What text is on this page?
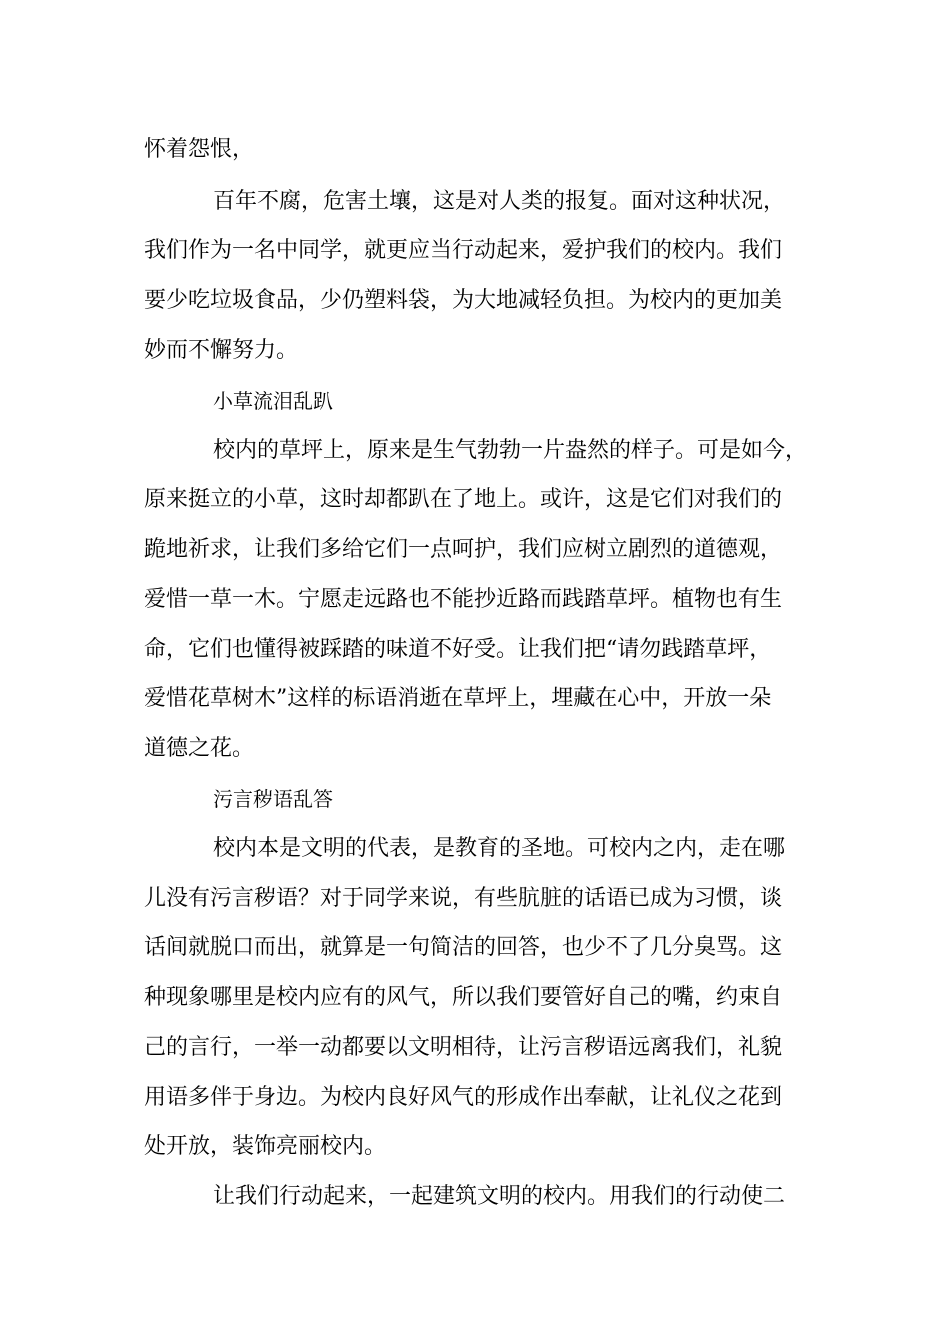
怀着怨恨，

百年不腐，危害土壤，这是对人类的报复。面对这种状况，

我们作为一名中同学，就更应当行动起来，爱护我们的校内。我们

要少吃垃圾食品，少仍塑料袋，为大地减轻负担。为校内的更加美

妙而不懈努力。

小草流泪乱趴

校内的草坪上，原来是生气勃勃一片盎然的样子。可是如今，

原来挺立的小草，这时却都趴在了地上。或许，这是它们对我们的

跪地祈求，让我们多给它们一点呵护，我们应树立剧烈的道德观，

爱惜一草一木。宁愿走远路也不能抄近路而践踏草坪。植物也有生

命，它们也懂得被踩踏的味道不好受。让我们把“请勿践踏草坪，

爱惜花草树木”这样的标语消逝在草坪上，埋藏在心中，开放一朵

道德之花。

污言秽语乱答

校内本是文明的代表，是教育的圣地。可校内之内，走在哪

儿没有污言秽语？对于同学来说，有些肮脏的话语已成为习惯，谈

话间就脱口而出，就算是一句简洁的回答，也少不了几分臭骂。这

种现象哪里是校内应有的风气，所以我们要管好自己的嘴，约束自

己的言行，一举一动都要以文明相待，让污言秽语远离我们，礼貌

用语多伴于身边。为校内良好风气的形成作出奉献，让礼仪之花到

处开放，装饰亮丽校内。

让我们行动起来，一起建筑文明的校内。用我们的行动使二
